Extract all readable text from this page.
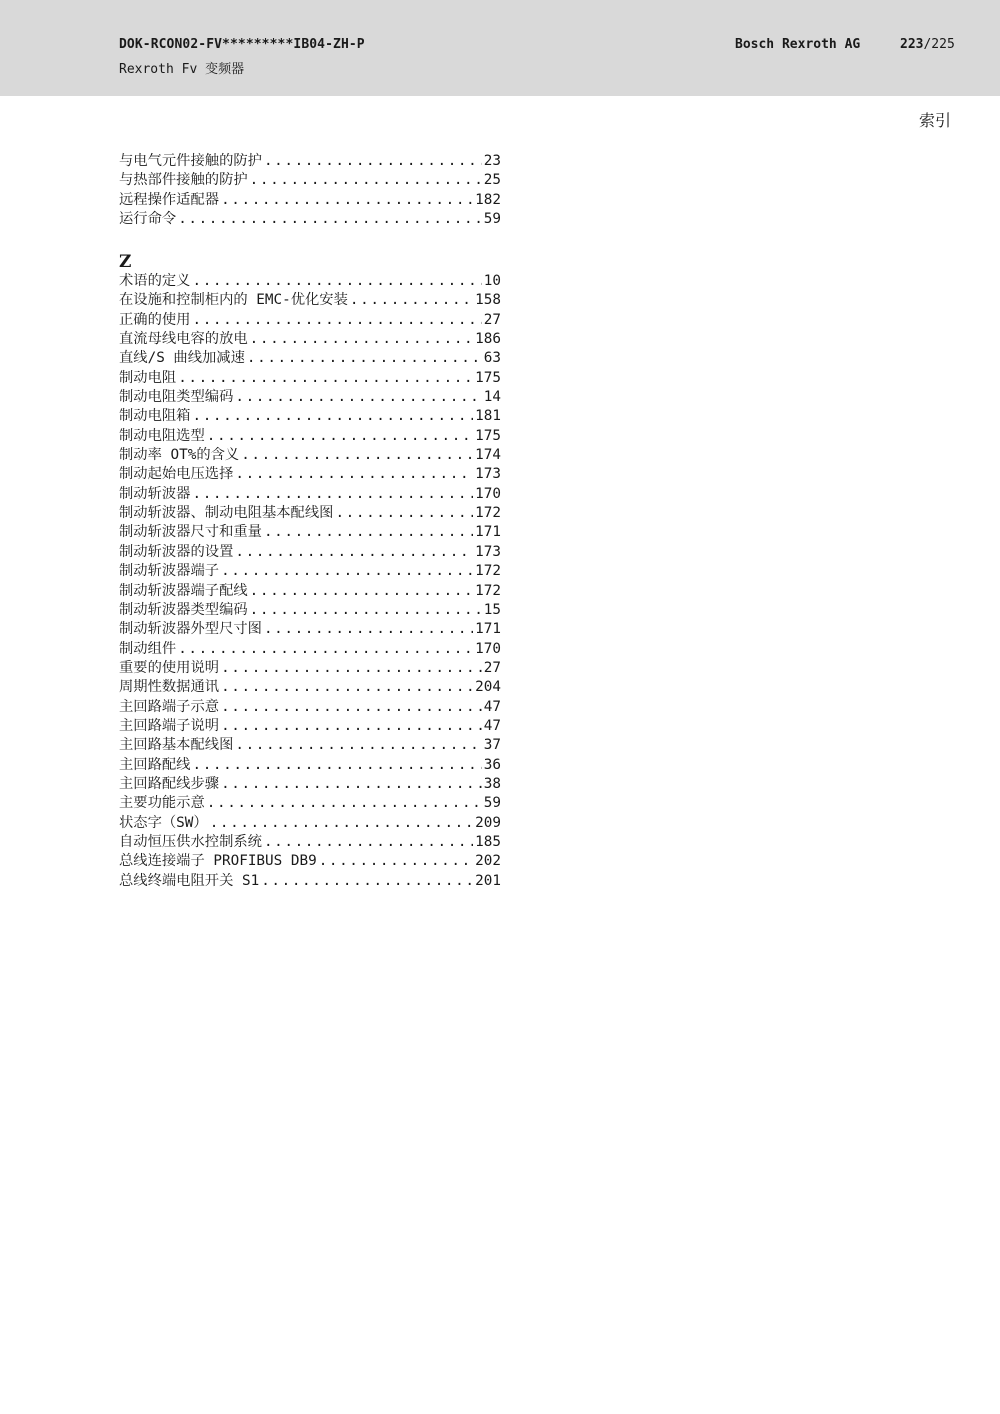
DOK-RCON02-FV*********IB04-ZH-P
Rexroth Fv 变频器
Bosch Rexroth AG	223/225
索引
与电气元件接触的防护 .....	23
与热部件接触的防护 .....	25
远程操作适配器 .....	182
运行命令 .....	59
Z
术语的定义 .....	10
在设施和控制柜内的 EMC-优化安装 .....	158
正确的使用 .....	27
直流母线电容的放电 .....	186
直线/S 曲线加减速 .....	63
制动电阻 .....	175
制动电阻类型编码 .....	14
制动电阻箱 .....	181
制动电阻选型 .....	175
制动率 OT%的含义 .....	174
制动起始电压选择 .....	173
制动斩波器 .....	170
制动斩波器、制动电阻基本配线图 .....	172
制动斩波器尺寸和重量 .....	171
制动斩波器的设置 .....	173
制动斩波器端子 .....	172
制动斩波器端子配线 .....	172
制动斩波器类型编码 .....	15
制动斩波器外型尺寸图 .....	171
制动组件 .....	170
重要的使用说明 .....	27
周期性数据通讯 .....	204
主回路端子示意 .....	47
主回路端子说明 .....	47
主回路基本配线图 .....	37
主回路配线 .....	36
主回路配线步骤 .....	38
主要功能示意 .....	59
状态字（SW） .....	209
自动恒压供水控制系统 .....	185
总线连接端子 PROFIBUS DB9 .....	202
总线终端电阻开关 S1 .....	201
